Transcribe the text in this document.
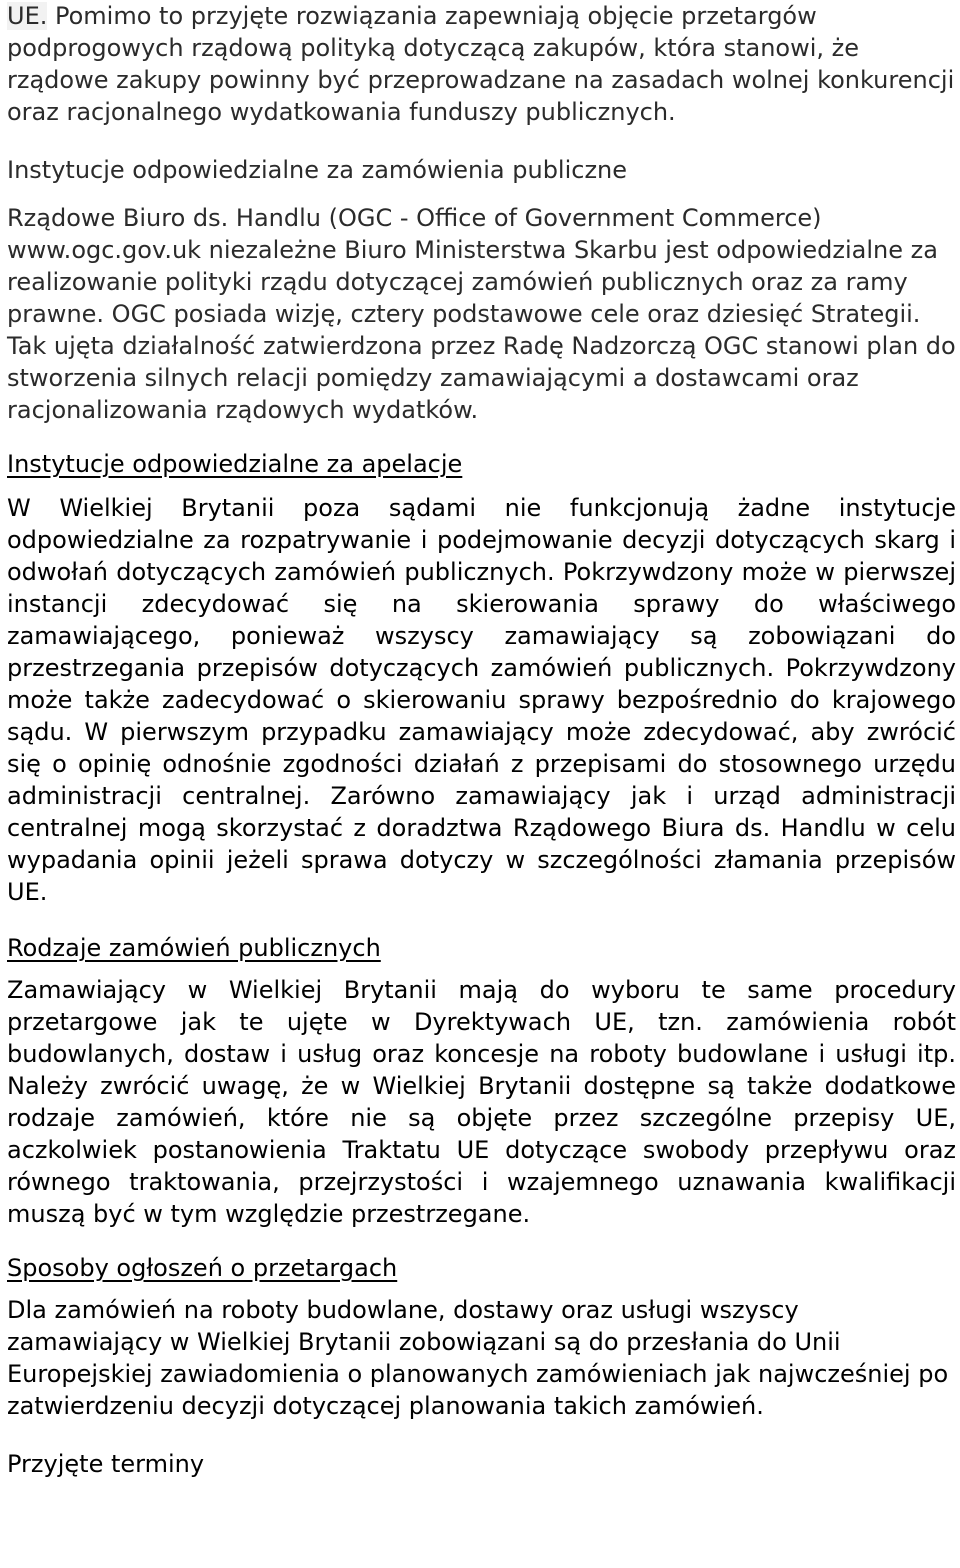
UE. Pomimo to przyjęte rozwiązania zapewniają objęcie przetargów podprogowych rządową polityką dotyczącą zakupów, która stanowi, że rządowe zakupy powinny być przeprowadzane na zasadach wolnej konkurencji oraz racjonalnego wydatkowania funduszy publicznych.

Instytucje odpowiedzialne za zamówienia publiczne

Rządowe Biuro ds. Handlu (OGC - Office of Government Commerce) www.ogc.gov.uk niezależne Biuro Ministerstwa Skarbu jest odpowiedzialne za realizowanie polityki rządu dotyczącej zamówień publicznych oraz za ramy prawne. OGC posiada wizję, cztery podstawowe cele oraz dziesięć Strategii. Tak ujęta działalność zatwierdzona przez Radę Nadzorczą OGC stanowi plan do stworzenia silnych relacji pomiędzy zamawiającymi a dostawcami oraz racjonalizowania rządowych wydatków.

Instytucje odpowiedzialne za apelacje

W Wielkiej Brytanii poza sądami nie funkcjonują żadne instytucje odpowiedzialne za rozpatrywanie i podejmowanie decyzji dotyczących skarg i odwołań dotyczących zamówień publicznych. Pokrzywdzony może w pierwszej instancji zdecydować się na skierowania sprawy do właściwego zamawiającego, ponieważ wszyscy zamawiający są zobowiązani do przestrzegania przepisów dotyczących zamówień publicznych. Pokrzywdzony może także zadecydować o skierowaniu sprawy bezpośrednio do krajowego sądu. W pierwszym przypadku zamawiający może zdecydować, aby zwrócić się o opinię odnośnie zgodności działań z przepisami do stosownego urzędu administracji centralnej. Zarówno zamawiający jak i urząd administracji centralnej mogą skorzystać z doradztwa Rządowego Biura ds. Handlu w celu wypadania opinii jeżeli sprawa dotyczy w szczególności złamania przepisów UE.

Rodzaje zamówień publicznych

Zamawiający w Wielkiej Brytanii mają do wyboru te same procedury przetargowe jak te ujęte w Dyrektywach UE, tzn. zamówienia robót budowlanych, dostaw i usług oraz koncesje na roboty budowlane i usługi itp. Należy zwrócić uwagę, że w Wielkiej Brytanii dostępne są także dodatkowe rodzaje zamówień, które nie są objęte przez szczególne przepisy UE, aczkolwiek postanowienia Traktatu UE dotyczące swobody przepływu oraz równego traktowania, przejrzystości i wzajemnego uznawania kwalifikacji muszą być w tym względzie przestrzegane.

Sposoby ogłoszeń o przetargach

Dla zamówień na roboty budowlane, dostawy oraz usługi wszyscy zamawiający w Wielkiej Brytanii zobowiązani są do przesłania do Unii Europejskiej zawiadomienia o planowanych zamówieniach jak najwcześniej po zatwierdzeniu decyzji dotyczącej planowania takich zamówień.

Przyjęte terminy
